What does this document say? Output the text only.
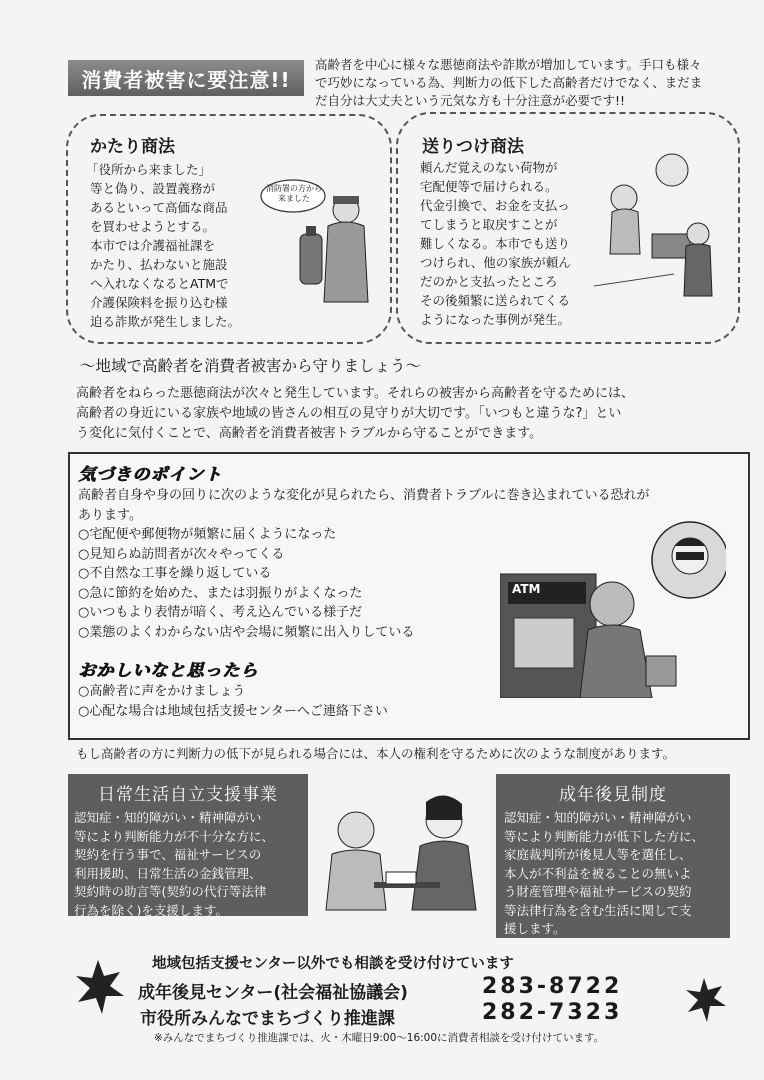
消費者被害に要注意!!
高齢者を中心に様々な悪徳商法や詐欺が増加しています。手口も様々
で巧妙になっている為、判断力の低下した高齢者だけでなく、まだま
だ自分は大丈夫という元気な方も十分注意が必要です!!
かたり商法
「役所から来ました」
等と偽り、設置義務が
あるといって高価な商品
を買わせようとする。
本市では介護福祉課を
かたり、払わないと施設
へ入れなくなるとATMで
介護保険料を振り込む様
迫る詐欺が発生しました。
消防署の方から
来ました
送りつけ商法
頼んだ覚えのない荷物が
宅配便等で届けられる。
代金引換で、お金を支払っ
てしまうと取戻すことが
難しくなる。本市でも送り
つけられ、他の家族が頼ん
だのかと支払ったところ
その後頻繁に送られてくる
ようになった事例が発生。
～地域で高齢者を消費者被害から守りましょう～
高齢者をねらった悪徳商法が次々と発生しています。それらの被害から高齢者を守るためには、
高齢者の身近にいる家族や地域の皆さんの相互の見守りが大切です。「いつもと違うな?」とい
う変化に気付くことで、高齢者を消費者被害トラブルから守ることができます。
気づきのポイント
高齢者自身や身の回りに次のような変化が見られたら、消費者トラブルに巻き込まれている恐れが
あります。
○宅配便や郵便物が頻繁に届くようになった
○見知らぬ訪問者が次々やってくる
○不自然な工事を繰り返している
○急に節約を始めた、または羽振りがよくなった
○いつもより表情が暗く、考え込んでいる様子だ
○業態のよくわからない店や会場に頻繁に出入りしている
おかしいなと思ったら
○高齢者に声をかけましょう
○心配な場合は地域包括支援センターへご連絡下さい
ATM
もし高齢者の方に判断力の低下が見られる場合には、本人の権利を守るために次のような制度があります。
日常生活自立支援事業
認知症・知的障がい・精神障がい
等により判断能力が不十分な方に、
契約を行う事で、福祉サービスの
利用援助、日常生活の金銭管理、
契約時の助言等(契約の代行等法律
行為を除く)を支援します。
成年後見制度
認知症・知的障がい・精神障がい
等により判断能力が低下した方に、
家庭裁判所が後見人等を選任し、
本人が不利益を被ることの無いよ
う財産管理や福祉サービスの契約
等法律行為を含む生活に関して支
援します。
地域包括支援センター以外でも相談を受け付けています
成年後見センター(社会福祉協議会)	283-8722
市役所みんなでまちづくり推進課	282-7323
※みんなでまちづくり推進課では、火・木曜日9:00～16:00に消費者相談を受け付けています。
